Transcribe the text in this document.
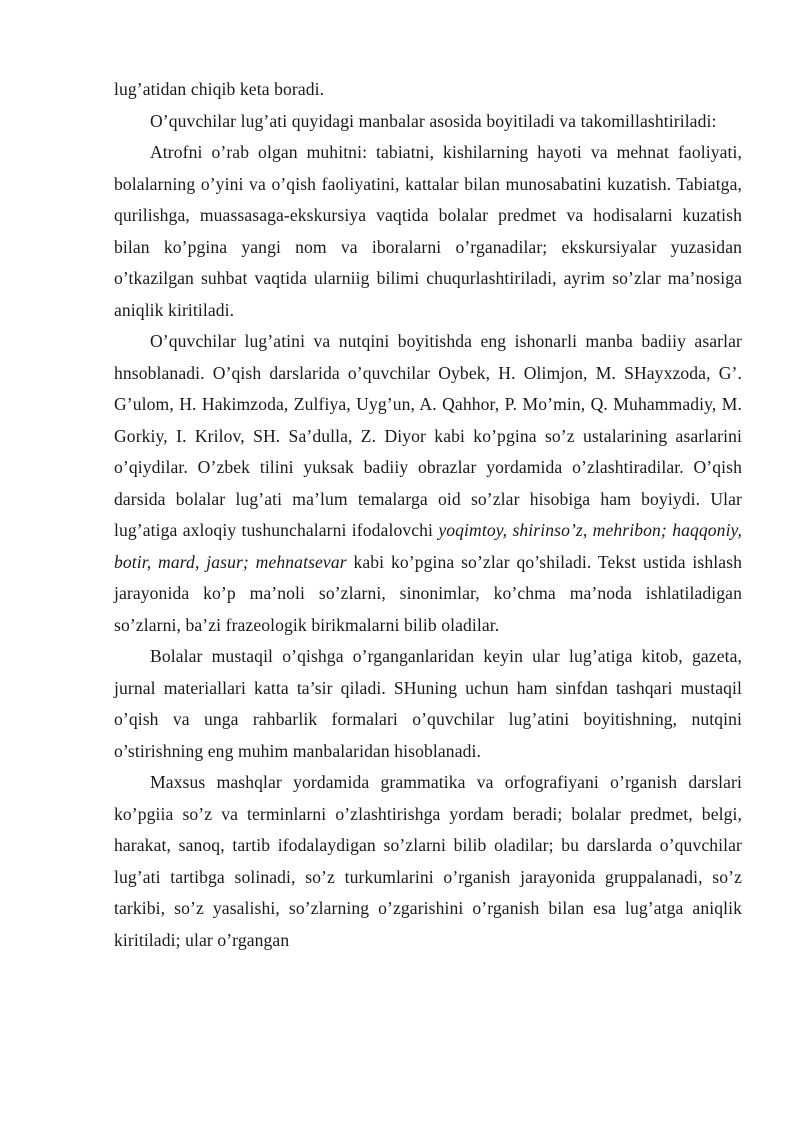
lug’atidan chiqib keta boradi.

O’quvchilar lug’ati quyidagi manbalar asosida boyitiladi va takomillashtiriladi:

Atrofni o’rab olgan muhitni: tabiatni, kishilarning hayoti va mehnat faoliyati, bolalarning o’yini va o’qish faoliyatini, kattalar bilan munosabatini kuzatish. Tabiatga, qurilishga, muassasaga-ekskursiya vaqtida bolalar predmet va hodisalarni kuzatish bilan ko’pgina yangi nom va iboralarni o’rganadilar; ekskursiyalar yuzasidan o’tkazilgan suhbat vaqtida ularniig bilimi chuqurlashtiriladi, ayrim so’zlar ma’nosiga aniqlik kiritiladi.

O’quvchilar lug’atini va nutqini boyitishda eng ishonarli manba badiiy asarlar hnsoblanadi. O’qish darslarida o’quvchilar Oybek, H. Olimjon, M. SHayxzoda, G’. G’ulom, H. Hakimzoda, Zulfiya, Uyg’un, A. Qahhor, P. Mo’min, Q. Muhammadiy, M. Gorkiy, I. Krilov, SH. Sa’dulla, Z. Diyor kabi ko’pgina so’z ustalarining asarlarini o’qiydilar. O’zbek tilini yuksak badiiy obrazlar yordamida o’zlashtiradilar. O’qish darsida bolalar lug’ati ma’lum temalarga oid so’zlar hisobiga ham boyiydi. Ular lug’atiga axloqiy tushunchalarni ifodalovchi yoqimtoy, shirinso’z, mehribon; haqqoniy, botir, mard, jasur; mehnatsevar kabi ko’pgina so’zlar qo’shiladi. Tekst ustida ishlash jarayonida ko’p ma’noli so’zlarni, sinonimlar, ko’chma ma’noda ishlatiladigan so’zlarni, ba’zi frazeologik birikmalarni bilib oladilar.

Bolalar mustaqil o’qishga o’rganganlaridan keyin ular lug’atiga kitob, gazeta, jurnal materiallari katta ta’sir qiladi. SHuning uchun ham sinfdan tashqari mustaqil o’qish va unga rahbarlik formalari o’quvchilar lug’atini boyitishning, nutqini o’stirishning eng muhim manbalaridan hisoblanadi.

Maxsus mashqlar yordamida grammatika va orfografiyani o’rganish darslari ko’pgiia so’z va terminlarni o’zlashtirishga yordam beradi; bolalar predmet, belgi, harakat, sanoq, tartib ifodalaydigan so’zlarni bilib oladilar; bu darslarda o’quvchilar lug’ati tartibga solinadi, so’z turkumlarini o’rganish jarayonida gruppalanadi, so’z tarkibi, so’z yasalishi, so’zlarning o’zgarishini o’rganish bilan esa lug’atga aniqlik kiritiladi; ular o’rgangan
